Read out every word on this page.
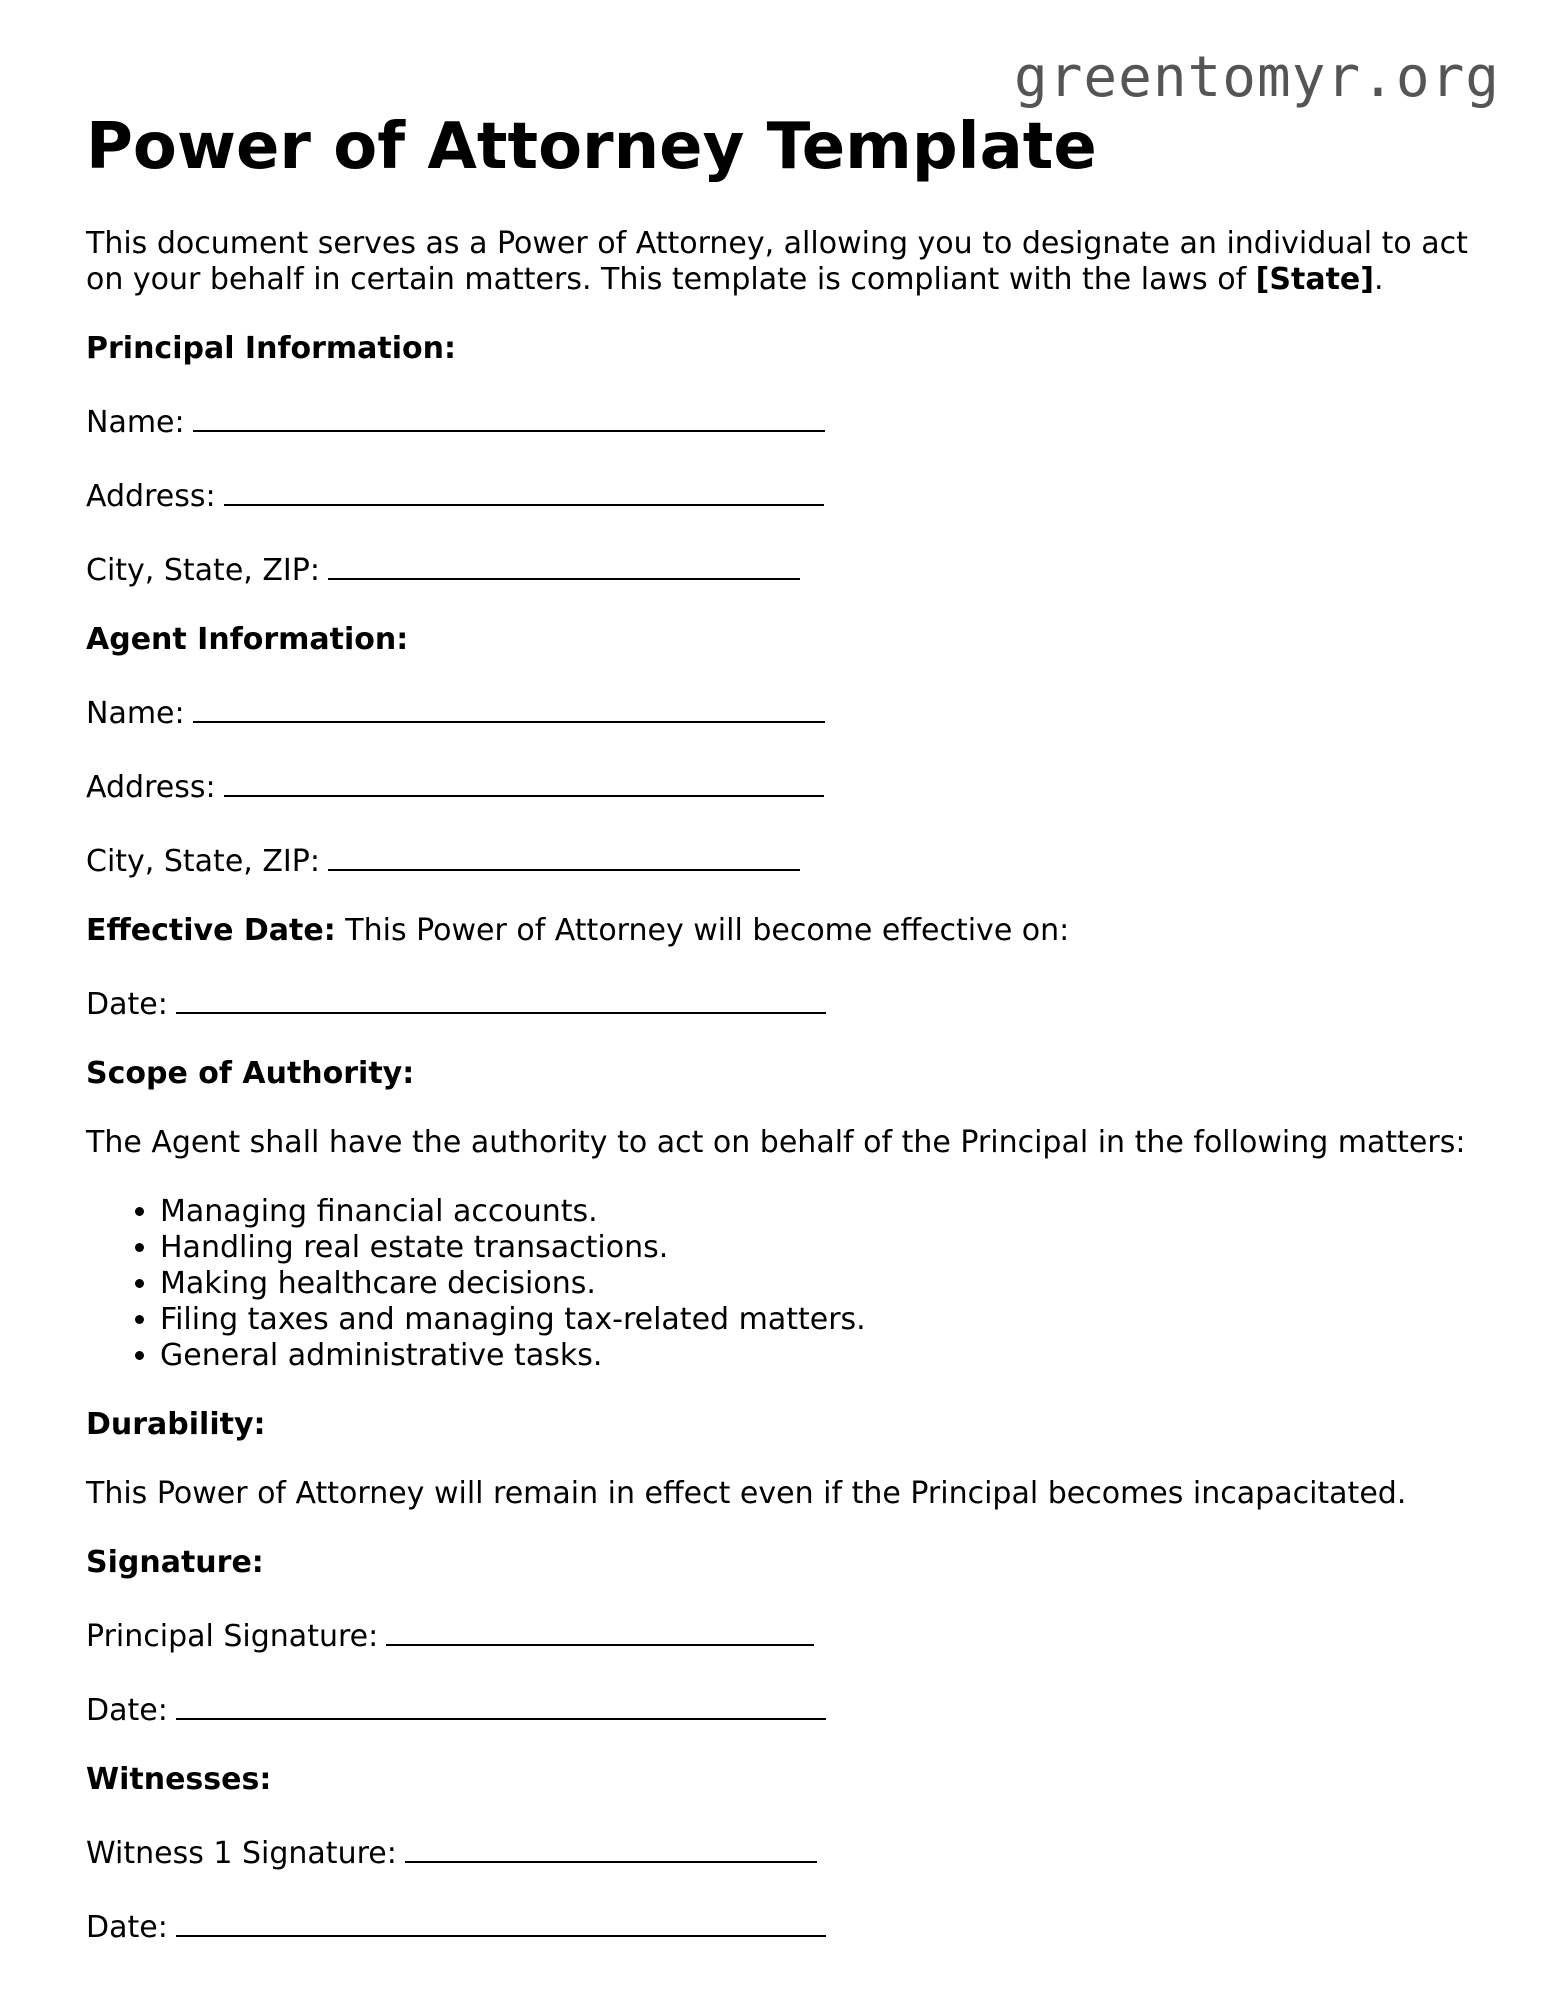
greentomyr.org
Power of Attorney Template

This document serves as a Power of Attorney, allowing you to designate an individual to act on your behalf in certain matters. This template is compliant with the laws of [State].

Principal Information:

Name:

Address:

City, State, ZIP:

Agent Information:

Name:

Address:

City, State, ZIP:

Effective Date: This Power of Attorney will become effective on:

Date:

Scope of Authority:

The Agent shall have the authority to act on behalf of the Principal in the following matters:

• Managing financial accounts.
• Handling real estate transactions.
• Making healthcare decisions.
• Filing taxes and managing tax-related matters.
• General administrative tasks.

Durability:

This Power of Attorney will remain in effect even if the Principal becomes incapacitated.

Signature:

Principal Signature:

Date:

Witnesses:

Witness 1 Signature:

Date:
